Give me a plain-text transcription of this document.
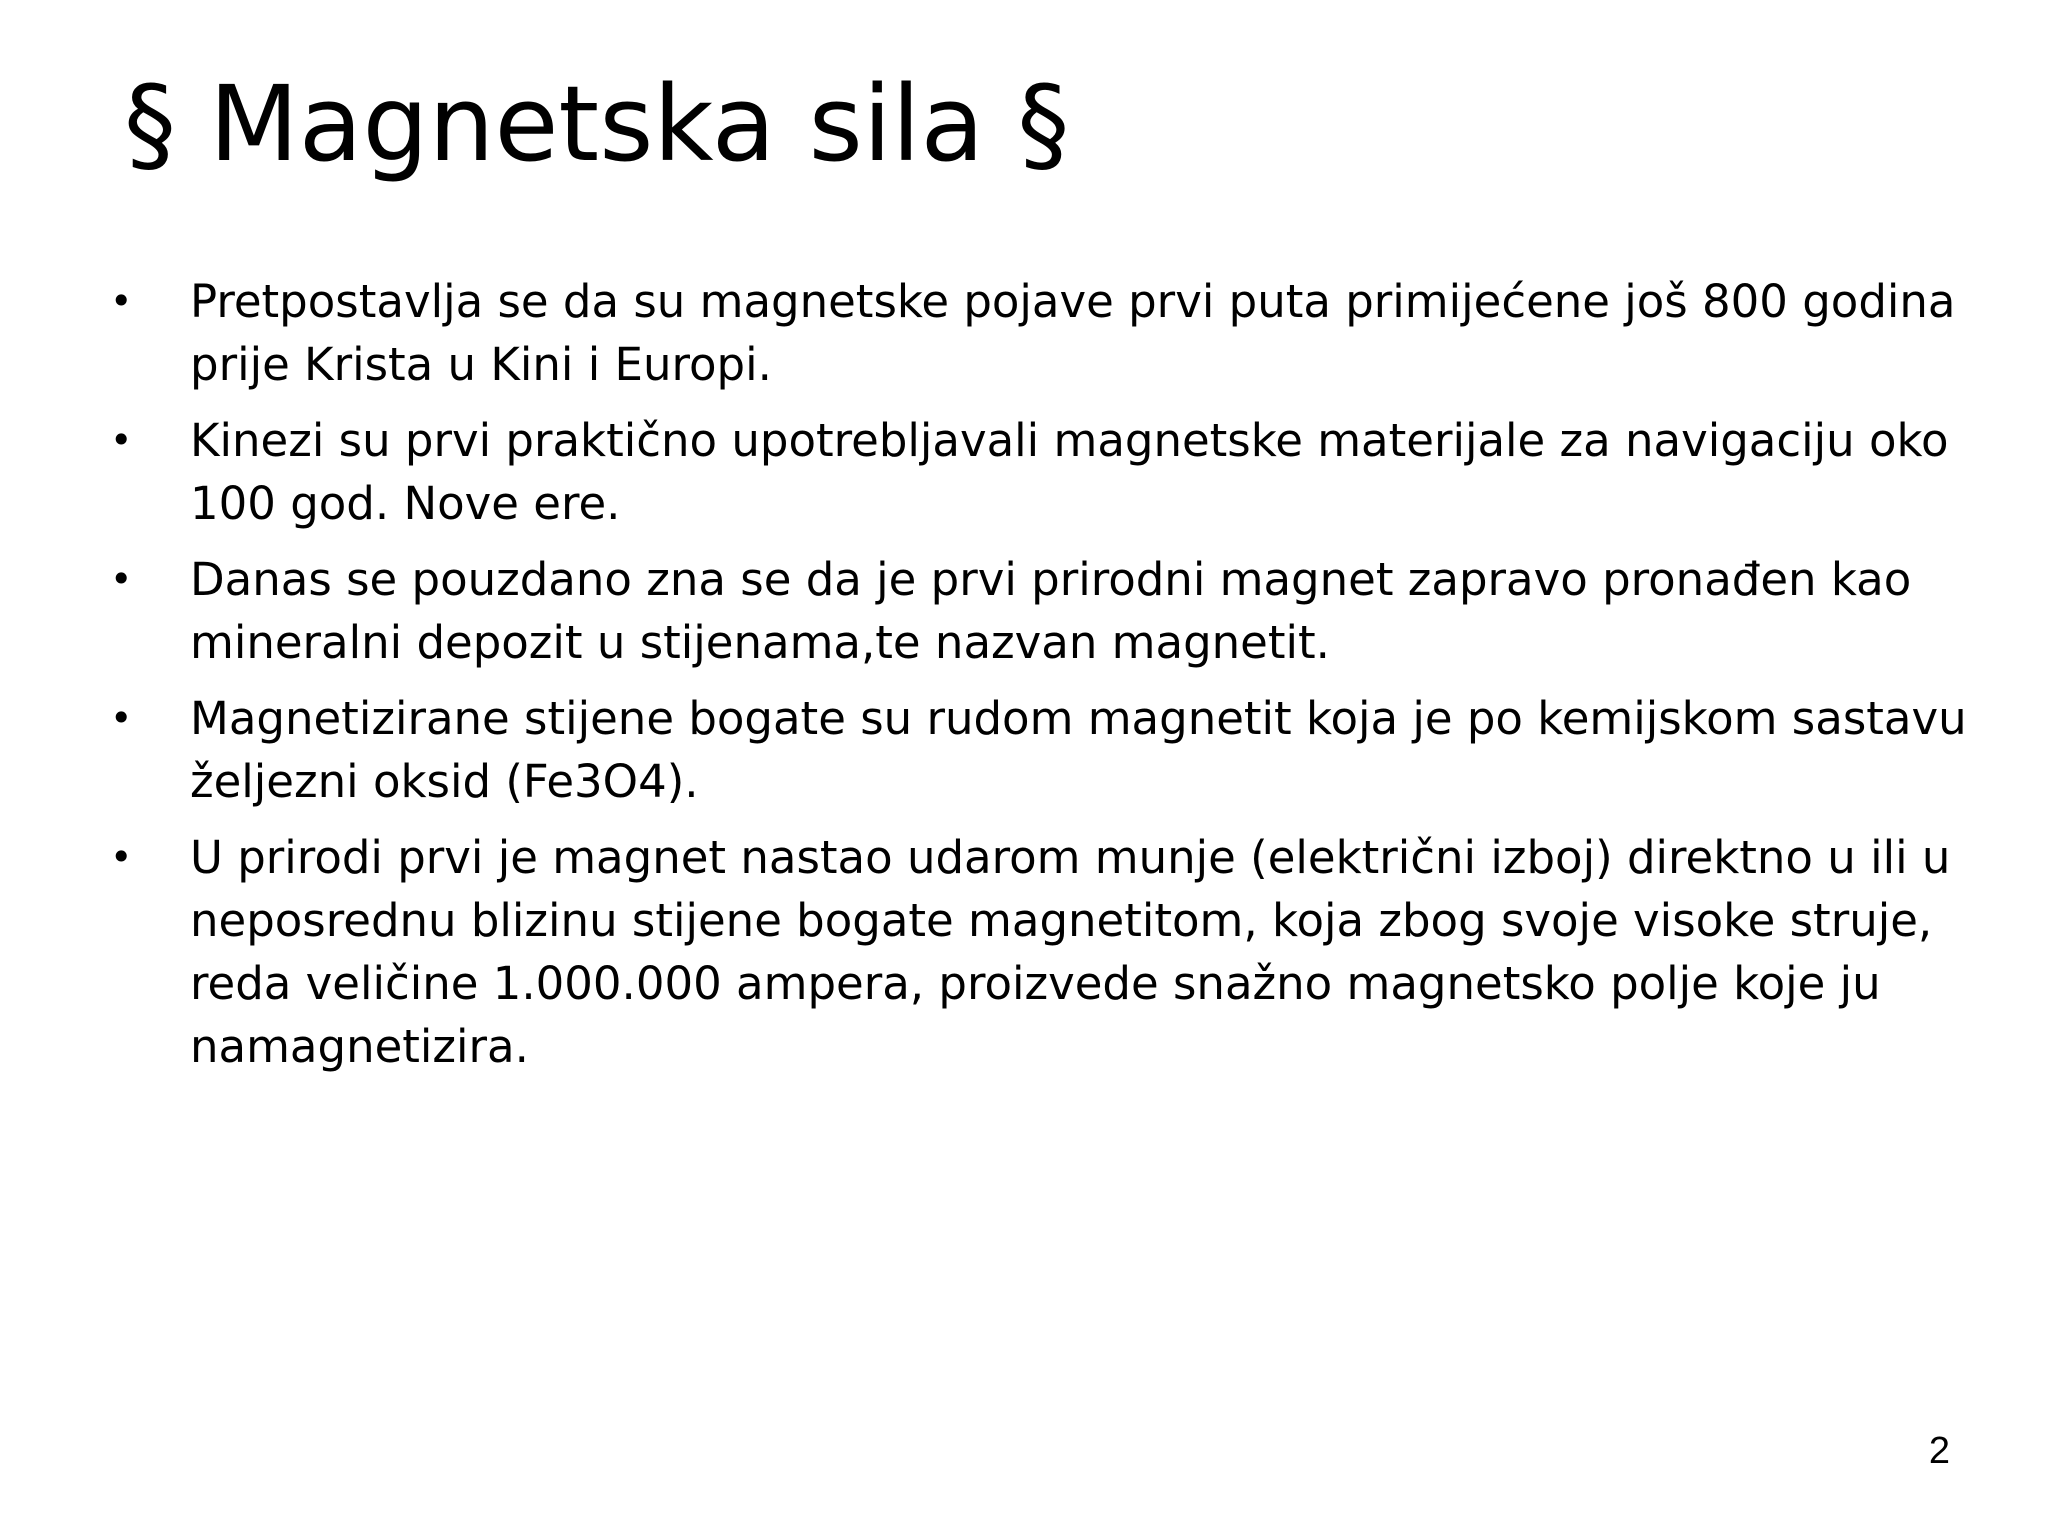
§ Magnetska sila §
•	Pretpostavlja se da su magnetske pojave prvi puta primijećene još 800 godina prije Krista u Kini i Europi.
•	Kinezi su prvi praktično upotrebljavali magnetske materijale za navigaciju oko 100 god. Nove ere.
•	Danas se pouzdano zna se da je prvi prirodni magnet zapravo pronađen kao mineralni depozit u stijenama,te nazvan magnetit.
•	Magnetizirane stijene bogate su rudom magnetit koja je po kemijskom sastavu željezni oksid (Fe3O4).
•	U prirodi prvi je magnet nastao udarom munje (električni izboj) direktno u ili u neposrednu blizinu stijene bogate magnetitom, koja zbog svoje visoke struje, reda veličine 1.000.000 ampera, proizvede snažno magnetsko polje koje ju namagnetizira.
2
